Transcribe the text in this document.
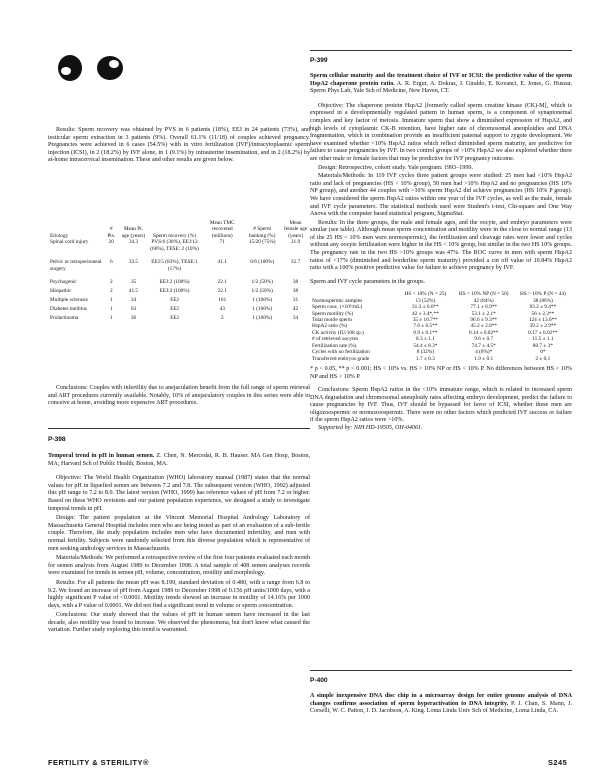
Results: Sperm recovery was obtained by PVS in 6 patients (18%), EEJ in 24 patients (73%), and testicular sperm extraction in 3 patients (9%). Overall 61.1% (11/18) of couples achieved pregnancy. Pregnancies were achieved in 6 cases (54.5%) with in vitro fertilization (IVF)/intracytoplasmic sperm injection (ICSI), in 2 (18.2%) by IVF alone, in 1 (9.1%) by intrauterine insemination, and in 2 (18.2%) by at-home intracervical insemination. These and other results are given below.

Etiology	# Pts.	Mean Pt. age (years)	Sperm recovery (%)	Mean TMC recovered (millions)	# Sperm banking (%)	Mean female age (years)
Spinal cord injury	20	34.3	PVS:6 (30%), EEJ:12 (60%), TESE: 2 (10%)	71	15/20 (75%)	31.9
Pelvic or retroperitoneal surgery	6	33.5	EEJ:5 (83%), TESE:1 (17%)	41.1	6/6 (100%)	32.7
Psychogenic	2	35	EEJ:2 (100%)	22.1	1/2 (50%)	38
Idiopathic	2	41.5	EEJ:2 (100%)	22.1	1/2 (50%)	38
Multiple sclerosis	1	34	EEJ	161	1 (100%)	31
Diabetes mellitus	1	63	EEJ	43	1 (100%)	42
Prolactinoma	1	36	EEJ	2	1 (100%)	34

Conclusions: Couples with infertility due to anejaculation benefit from the full range of sperm retrieval and ART procedures currently available. Notably, 10% of anejaculatory couples in this series were able to conceive at home, avoiding more expensive ART procedures.

P-398

Temporal trend in pH in human semen. Z. Chen, N. Mercedat, R. B. Hauser. MA Gen Hosp, Boston, MA; Harvard Sch of Public Health, Boston, MA.

Objective: The World Health Organization (WHO) laboratory manual (1987) states that the normal values for pH in liquefied semen are between 7.2 and 7.8. The subsequent version (WHO, 1992) adjusted this pH range to 7.2 to 8.0. The latest version (WHO, 1999) has reference values of pH from 7.2 or higher. Based on these WHO revisions and our patient population experience, we designed a study to investigate temporal trends in pH.

Design: The patient population at the Vincent Memorial Hospital Andrology Laboratory of Massachusetts General Hospital includes men who are being tested as part of an evaluation of a sub-fertile couple. Therefore, the study population includes men who have documented infertility, and men with normal fertility. Subjects were randomly selected from this diverse population which is representative of men seeking andrology services in Massachusetts.

Materials/Methods: We performed a retrospective review of the first four patients evaluated each month for semen analysis from August 1989 to December 1998. A total sample of 408 semen analyses records were examined for trends in semen pH, volume, concentration, motility and morphology.

Results: For all patients the mean pH was 8.199, standard deviation of 0.480, with a range from 6.8 to 9.2. We found an increase of pH from August 1989 to December 1998 of 0.156 pH units/1000 days, with a highly significant P value of <0.0001. Motility trends showed an increase in motility of 14.16% per 1000 days, with a P value of 0.0001. We did not find a significant trend in volume or sperm concentration.

Conclusions: Our study showed that the values of pH in human semen have increased in the last decade, also motility was found to increase. We observed the phenomena, but don't know what caused the variation. Further study exploring this trend is warranted.

P-399

Sperm cellular maturity and the treatment choice of IVF or ICSI: the predictive value of the sperm HspA2 chaperone protein ratio. A. R. Ergur, A. Dokras, J. Giraldo, E. Kovanci, E. Jones, G. Huszar. Sperm Phys Lab, Yale Sch of Medicine, New Haven, CT.

Objective: The chaperone protein HspA2 [formerly called sperm creatine kinase (CK)-M], which is expressed in a developmentally regulated pattern in human sperm, is a component of synaptonemal complex and key factor of meiosis. Immature sperm that show a diminished expression of HspA2, and high levels of cytoplasmic CK-B retention, have higher rate of chromosomal aneuploidies and DNA fragmentation, which in combination provide an insufficient paternal support to zygote development. We have examined whether <10% HspA2 ratios which reflect diminished sperm maturity, are predictive for failure to cause pregnancies by IVF. In two control groups of >10% HspA2 we also explored whether there are other male or female factors that may be predictive for IVF pregnancy outcome.

Design: Retrospective, cohort study. Yale program: 1993–1999.

Materials/Methods: In 119 IVF cycles three patient groups were studied: 25 men had <10% HspA2 ratio and lack of pregnancies (HS < 10% group), 50 men had >10% HspA2 and no pregnancies (HS 10% NP group), and another 44 couples with >10% sperm HspA2 did achieve pregnancies (HS 10% P group). We have considered the sperm HspA2 ratios within one year of the IVF cycles, as well as the male, female and IVF cycle parameters. The statistical methods used were Student's t-test, Chi-square and One Way Anova with the computer based statistical program, SigmaStat.

Results: In the three groups, the male and female ages, and the oocyte, and embryo parameters were similar (see table). Although mean sperm concentration and motility were in the close to normal range (13 of the 25 HS < 10% men were normospermic), the fertilization and cleavage rates were lower and cycles without any oocyte fertilization were higher in the HS < 10% group, but similar in the two HS 10% groups. The pregnancy rate in the two HS >10% groups was 47%. The ROC curve in men with sperm HspA2 ratios of <17% (diminished and borderline sperm maturity) provided a cut off value of 10.84% HspA2 ratio with a 100% positive predictive value for failure to achieve pregnancy by IVF.

Sperm and IVF cycle parameters in the groups.

	HS < 10% (N = 25)	HS > 10% NP (N = 50)	HS > 10% P (N = 44)
Normospermic samples	13 (52%)	42 (84%)	38 (86%)
Sperm conc. (×10⁶/mL)	31.3 ± 6.6**	77.1 ± 6.9**	83.2 ± 9.4**
Sperm motility (%)	42 ± 3.4*,**	53.1 ± 2.1*	56 ± 2.3**
Total motile sperm	35 ± 10.7**	96.6 ± 9.3**	124 ± 13.6**
HspA2 ratio (%)	7.6 ± 0.5**	45.2 ± 2.8**	39.2 ± 2.9**
CK activity (IU/108 sp.)	0.9 ± 0.1**	0.14 ± 0.02**	0.17 ± 0.02**
# of retrieved oocytes	8.3 ± 1.1	9.6 ± 0.7	11.5 ± 1.1
Fertilization rate (%)	54.4 ± 8.3*	74.7 ± 4.5*	80.7 ± 3*
Cycles with no fertilization	8 (32%)	4 (8%)*	0*
Transferred embryos grade	1.7 ± 0.3	1.9 ± 0.1	2 ± 0.1

* p < 0.05, ** p < 0.001; HS < 10% vs. HS > 10% NP or HS < 10% P. No differences between HS > 10% NP and HS > 10% P.

Conclusions: Sperm HspA2 ratios in the <10% immature range, which is related to increased sperm DNA degradation and chromosomal aneuploidy rates affecting embryo development, predict the failure to cause pregnancies by IVF. Thus, IVF should be bypassed for favor of ICSI, whether these men are oligozoospermic or normozoospermic. There were no other factors which predicted IVF success or failure if the sperm HspA2 ratios were >10%.

Supported by: NIH HD-19505, OH-04061.

P-400

A simple inexpensive DNA disc chip in a microarray design for entire genome analysis of DNA changes confirms association of sperm hyperactivation to DNA integrity. P. J. Chan, S. Mann, J. Corselli, W. C. Patton, J. D. Jacobson, A. King. Loma Linda Univ Sch of Medicine, Loma Linda, CA.

FERTILITY & STERILITY®	S245
